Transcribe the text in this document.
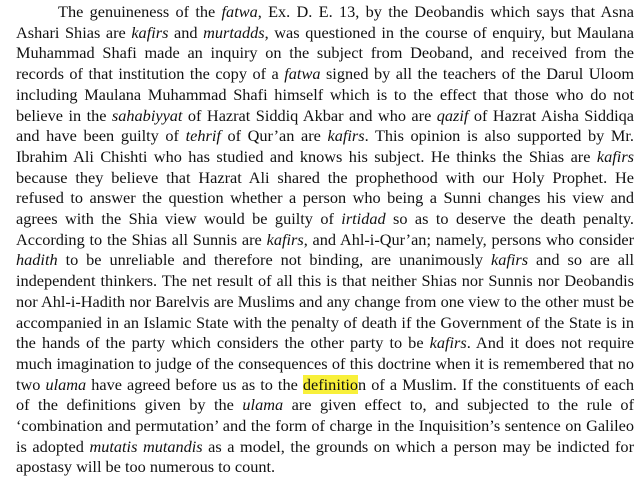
The genuineness of the fatwa, Ex. D. E. 13, by the Deobandis which says that Asna Ashari Shias are kafirs and murtadds, was questioned in the course of enquiry, but Maulana Muhammad Shafi made an inquiry on the subject from Deoband, and received from the records of that institution the copy of a fatwa signed by all the teachers of the Darul Uloom including Maulana Muhammad Shafi himself which is to the effect that those who do not believe in the sahabiyyat of Hazrat Siddiq Akbar and who are qazif of Hazrat Aisha Siddiqa and have been guilty of tehrif of Qur’an are kafirs. This opinion is also supported by Mr. Ibrahim Ali Chishti who has studied and knows his subject. He thinks the Shias are kafirs because they believe that Hazrat Ali shared the prophethood with our Holy Prophet. He refused to answer the question whether a person who being a Sunni changes his view and agrees with the Shia view would be guilty of irtidad so as to deserve the death penalty. According to the Shias all Sunnis are kafirs, and Ahl-i-Qur’an; namely, persons who consider hadith to be unreliable and therefore not binding, are unanimously kafirs and so are all independent thinkers. The net result of all this is that neither Shias nor Sunnis nor Deobandis nor Ahl-i-Hadith nor Barelvis are Muslims and any change from one view to the other must be accompanied in an Islamic State with the penalty of death if the Government of the State is in the hands of the party which considers the other party to be kafirs. And it does not require much imagination to judge of the consequences of this doctrine when it is remembered that no two ulama have agreed before us as to the definition of a Muslim. If the constituents of each of the definitions given by the ulama are given effect to, and subjected to the rule of ‘combination and permutation’ and the form of charge in the Inquisition’s sentence on Galileo is adopted mutatis mutandis as a model, the grounds on which a person may be indicted for apostasy will be too numerous to count.
